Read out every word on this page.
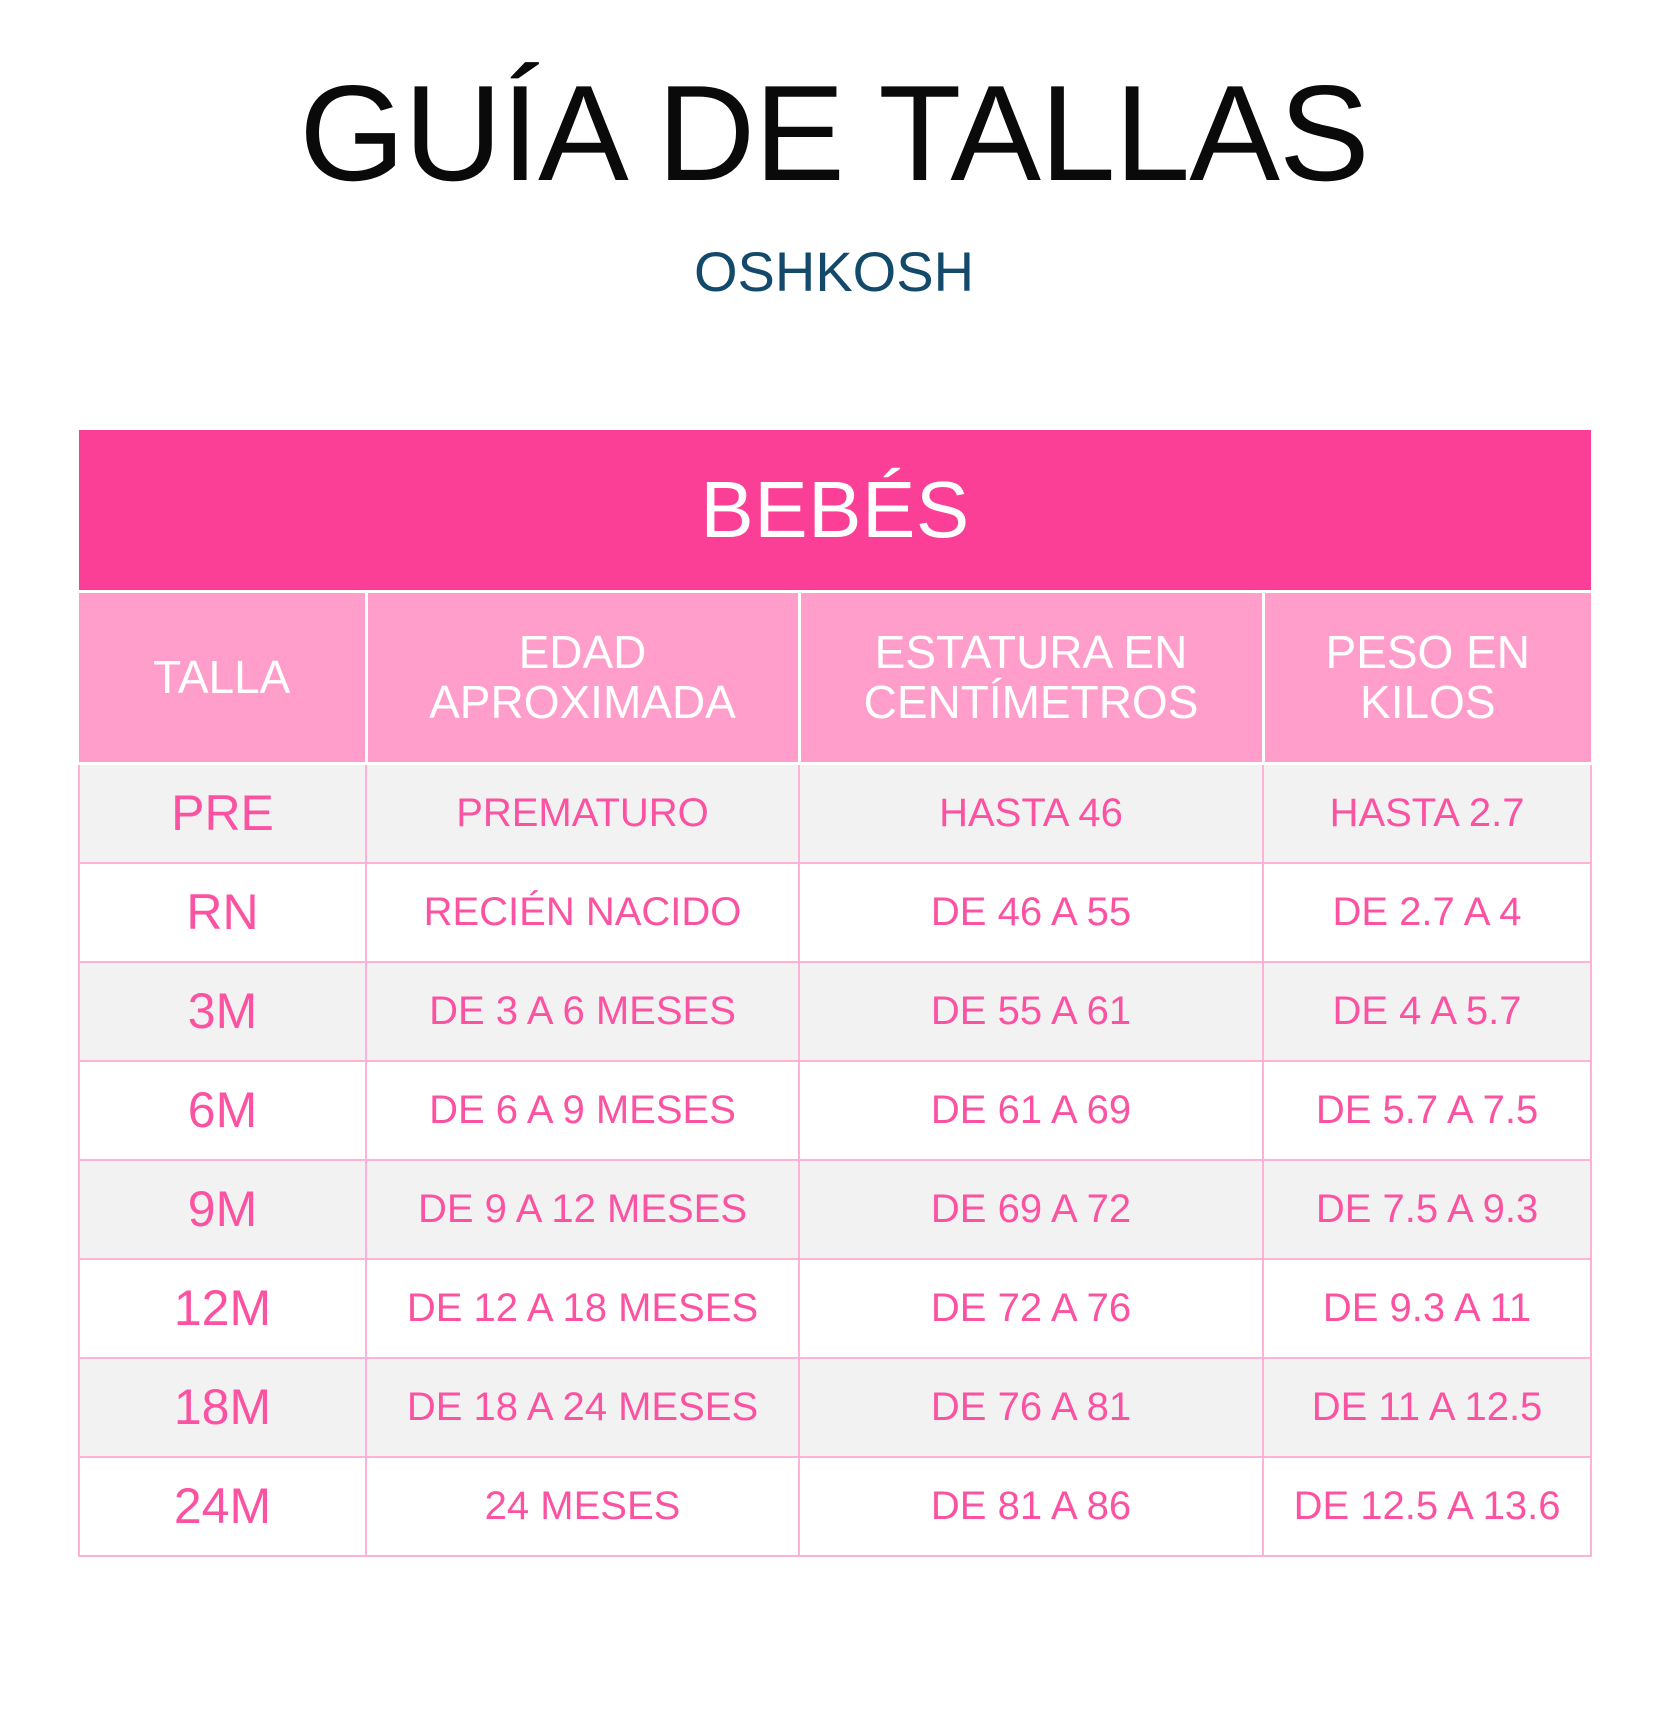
GUÍA DE TALLAS
OSHKOSH
BEBÉS			
TALLA	EDAD APROXIMADA	ESTATURA EN CENTÍMETROS	PESO EN KILOS
PRE	PREMATURO	HASTA 46	HASTA 2.7
RN	RECIÉN NACIDO	DE 46 A 55	DE 2.7 A 4
3M	DE 3 A 6 MESES	DE 55 A 61	DE 4 A 5.7
6M	DE 6 A 9 MESES	DE 61 A 69	DE 5.7 A 7.5
9M	DE 9 A 12 MESES	DE 69 A 72	DE 7.5 A 9.3
12M	DE 12 A 18 MESES	DE 72 A 76	DE 9.3 A 11
18M	DE 18 A 24 MESES	DE 76 A 81	DE 11 A 12.5
24M	24 MESES	DE 81 A 86	DE 12.5 A 13.6
